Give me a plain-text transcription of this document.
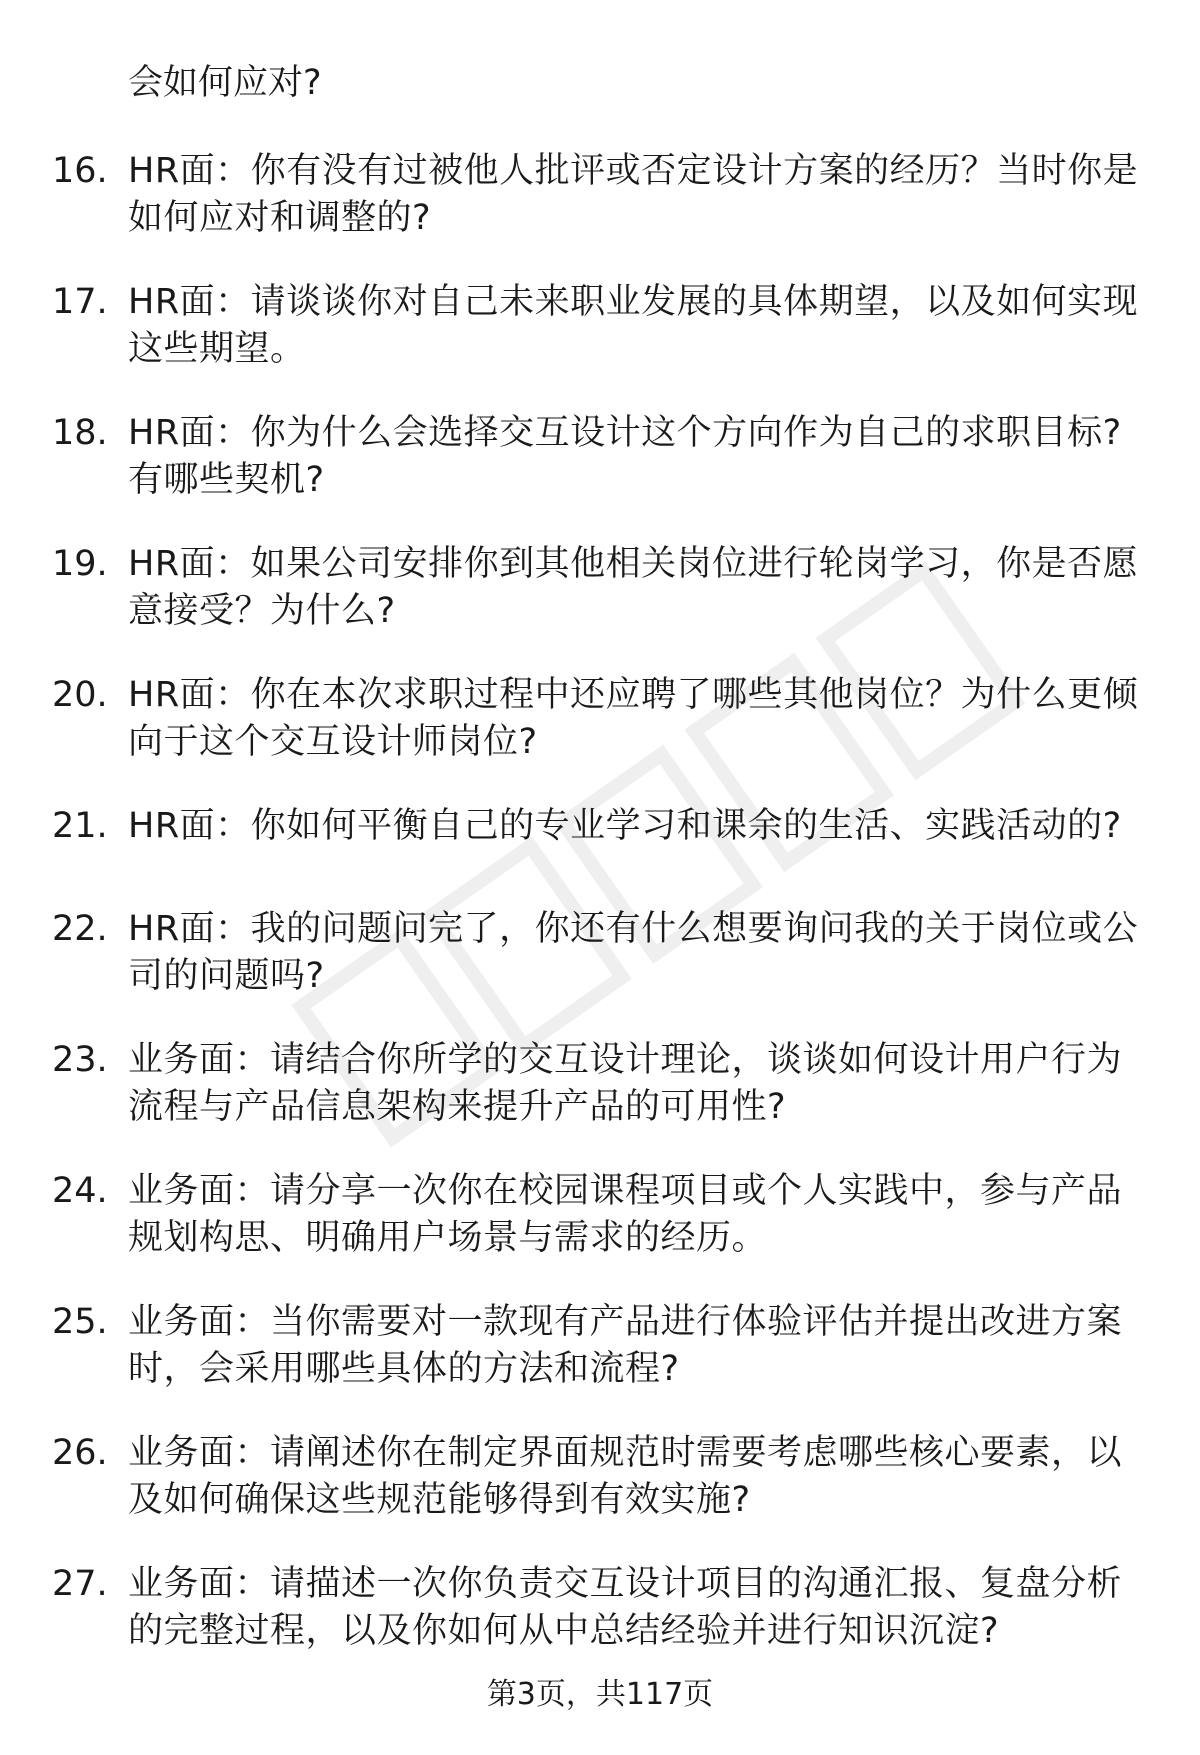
会如何应对?
16. HR面：你有没有过被他人批评或否定设计方案的经历？当时你是如何应对和调整的?
17. HR面：请谈谈你对自己未来职业发展的具体期望，以及如何实现这些期望。
18. HR面：你为什么会选择交互设计这个方向作为自己的求职目标?有哪些契机?
19. HR面：如果公司安排你到其他相关岗位进行轮岗学习，你是否愿意接受？为什么?
20. HR面：你在本次求职过程中还应聘了哪些其他岗位？为什么更倾向于这个交互设计师岗位?
21. HR面：你如何平衡自己的专业学习和课余的生活、实践活动的?
22. HR面：我的问题问完了，你还有什么想要询问我的关于岗位或公司的问题吗?
23. 业务面：请结合你所学的交互设计理论，谈谈如何设计用户行为流程与产品信息架构来提升产品的可用性?
24. 业务面：请分享一次你在校园课程项目或个人实践中，参与产品规划构思、明确用户场景与需求的经历。
25. 业务面：当你需要对一款现有产品进行体验评估并提出改进方案时，会采用哪些具体的方法和流程?
26. 业务面：请阐述你在制定界面规范时需要考虑哪些核心要素，以及如何确保这些规范能够得到有效实施?
27. 业务面：请描述一次你负责交互设计项目的沟通汇报、复盘分析的完整过程，以及你如何从中总结经验并进行知识沉淀?
第3页，共117页
